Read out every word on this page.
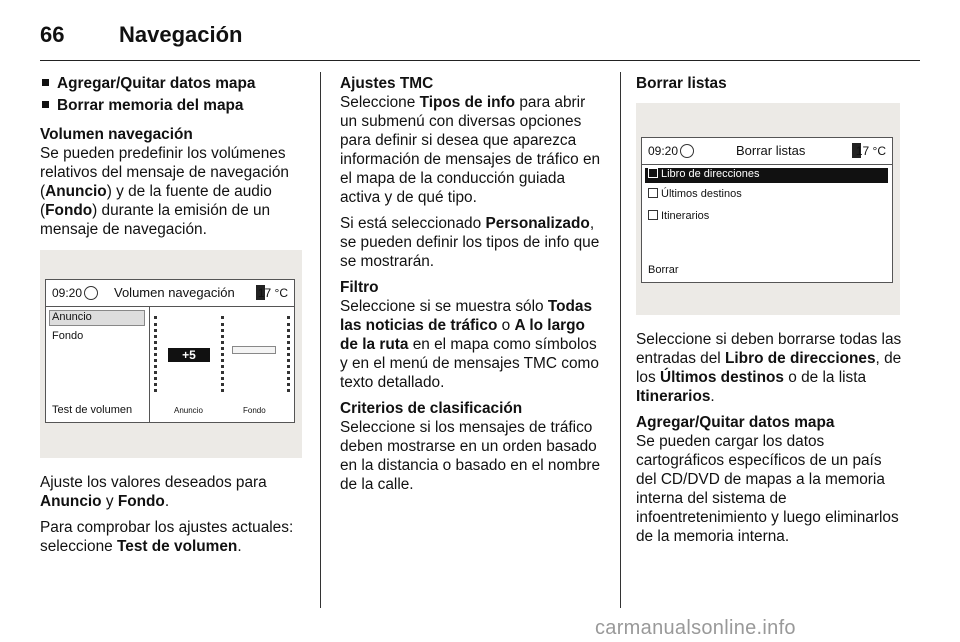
66 Navegación
Agregar/Quitar datos mapa
Borrar memoria del mapa

Volumen navegación
Se pueden predefinir los volúmenes relativos del mensaje de navegación (Anuncio) y de la fuente de audio (Fondo) durante la emisión de un mensaje de navegación.

09:20 Volumen navegación 17 °C
Anuncio
Fondo
Test de volumen
+5
Anuncio	Fondo

Ajuste los valores deseados para Anuncio y Fondo.

Para comprobar los ajustes actuales: seleccione Test de volumen.

Ajustes TMC
Seleccione Tipos de info para abrir un submenú con diversas opciones para definir si desea que aparezca información de mensajes de tráfico en el mapa de la conducción guiada activa y de qué tipo.

Si está seleccionado Personalizado, se pueden definir los tipos de info que se mostrarán.

Filtro
Seleccione si se muestra sólo Todas las noticias de tráfico o A lo largo de la ruta en el mapa como símbolos y en el menú de mensajes TMC como texto detallado.

Criterios de clasificación
Seleccione si los mensajes de tráfico deben mostrarse en un orden basado en la distancia o basado en el nombre de la calle.

Borrar listas
09:20	Borrar listas	17 °C
Libro de direcciones
Últimos destinos
Itinerarios
Borrar

Seleccione si deben borrarse todas las entradas del Libro de direcciones, de los Últimos destinos o de la lista Itinerarios.

Agregar/Quitar datos mapa
Se pueden cargar los datos cartográficos específicos de un país del CD/DVD de mapas a la memoria interna del sistema de infoentretenimiento y luego eliminarlos de la memoria interna.

carmanualsonline.info
